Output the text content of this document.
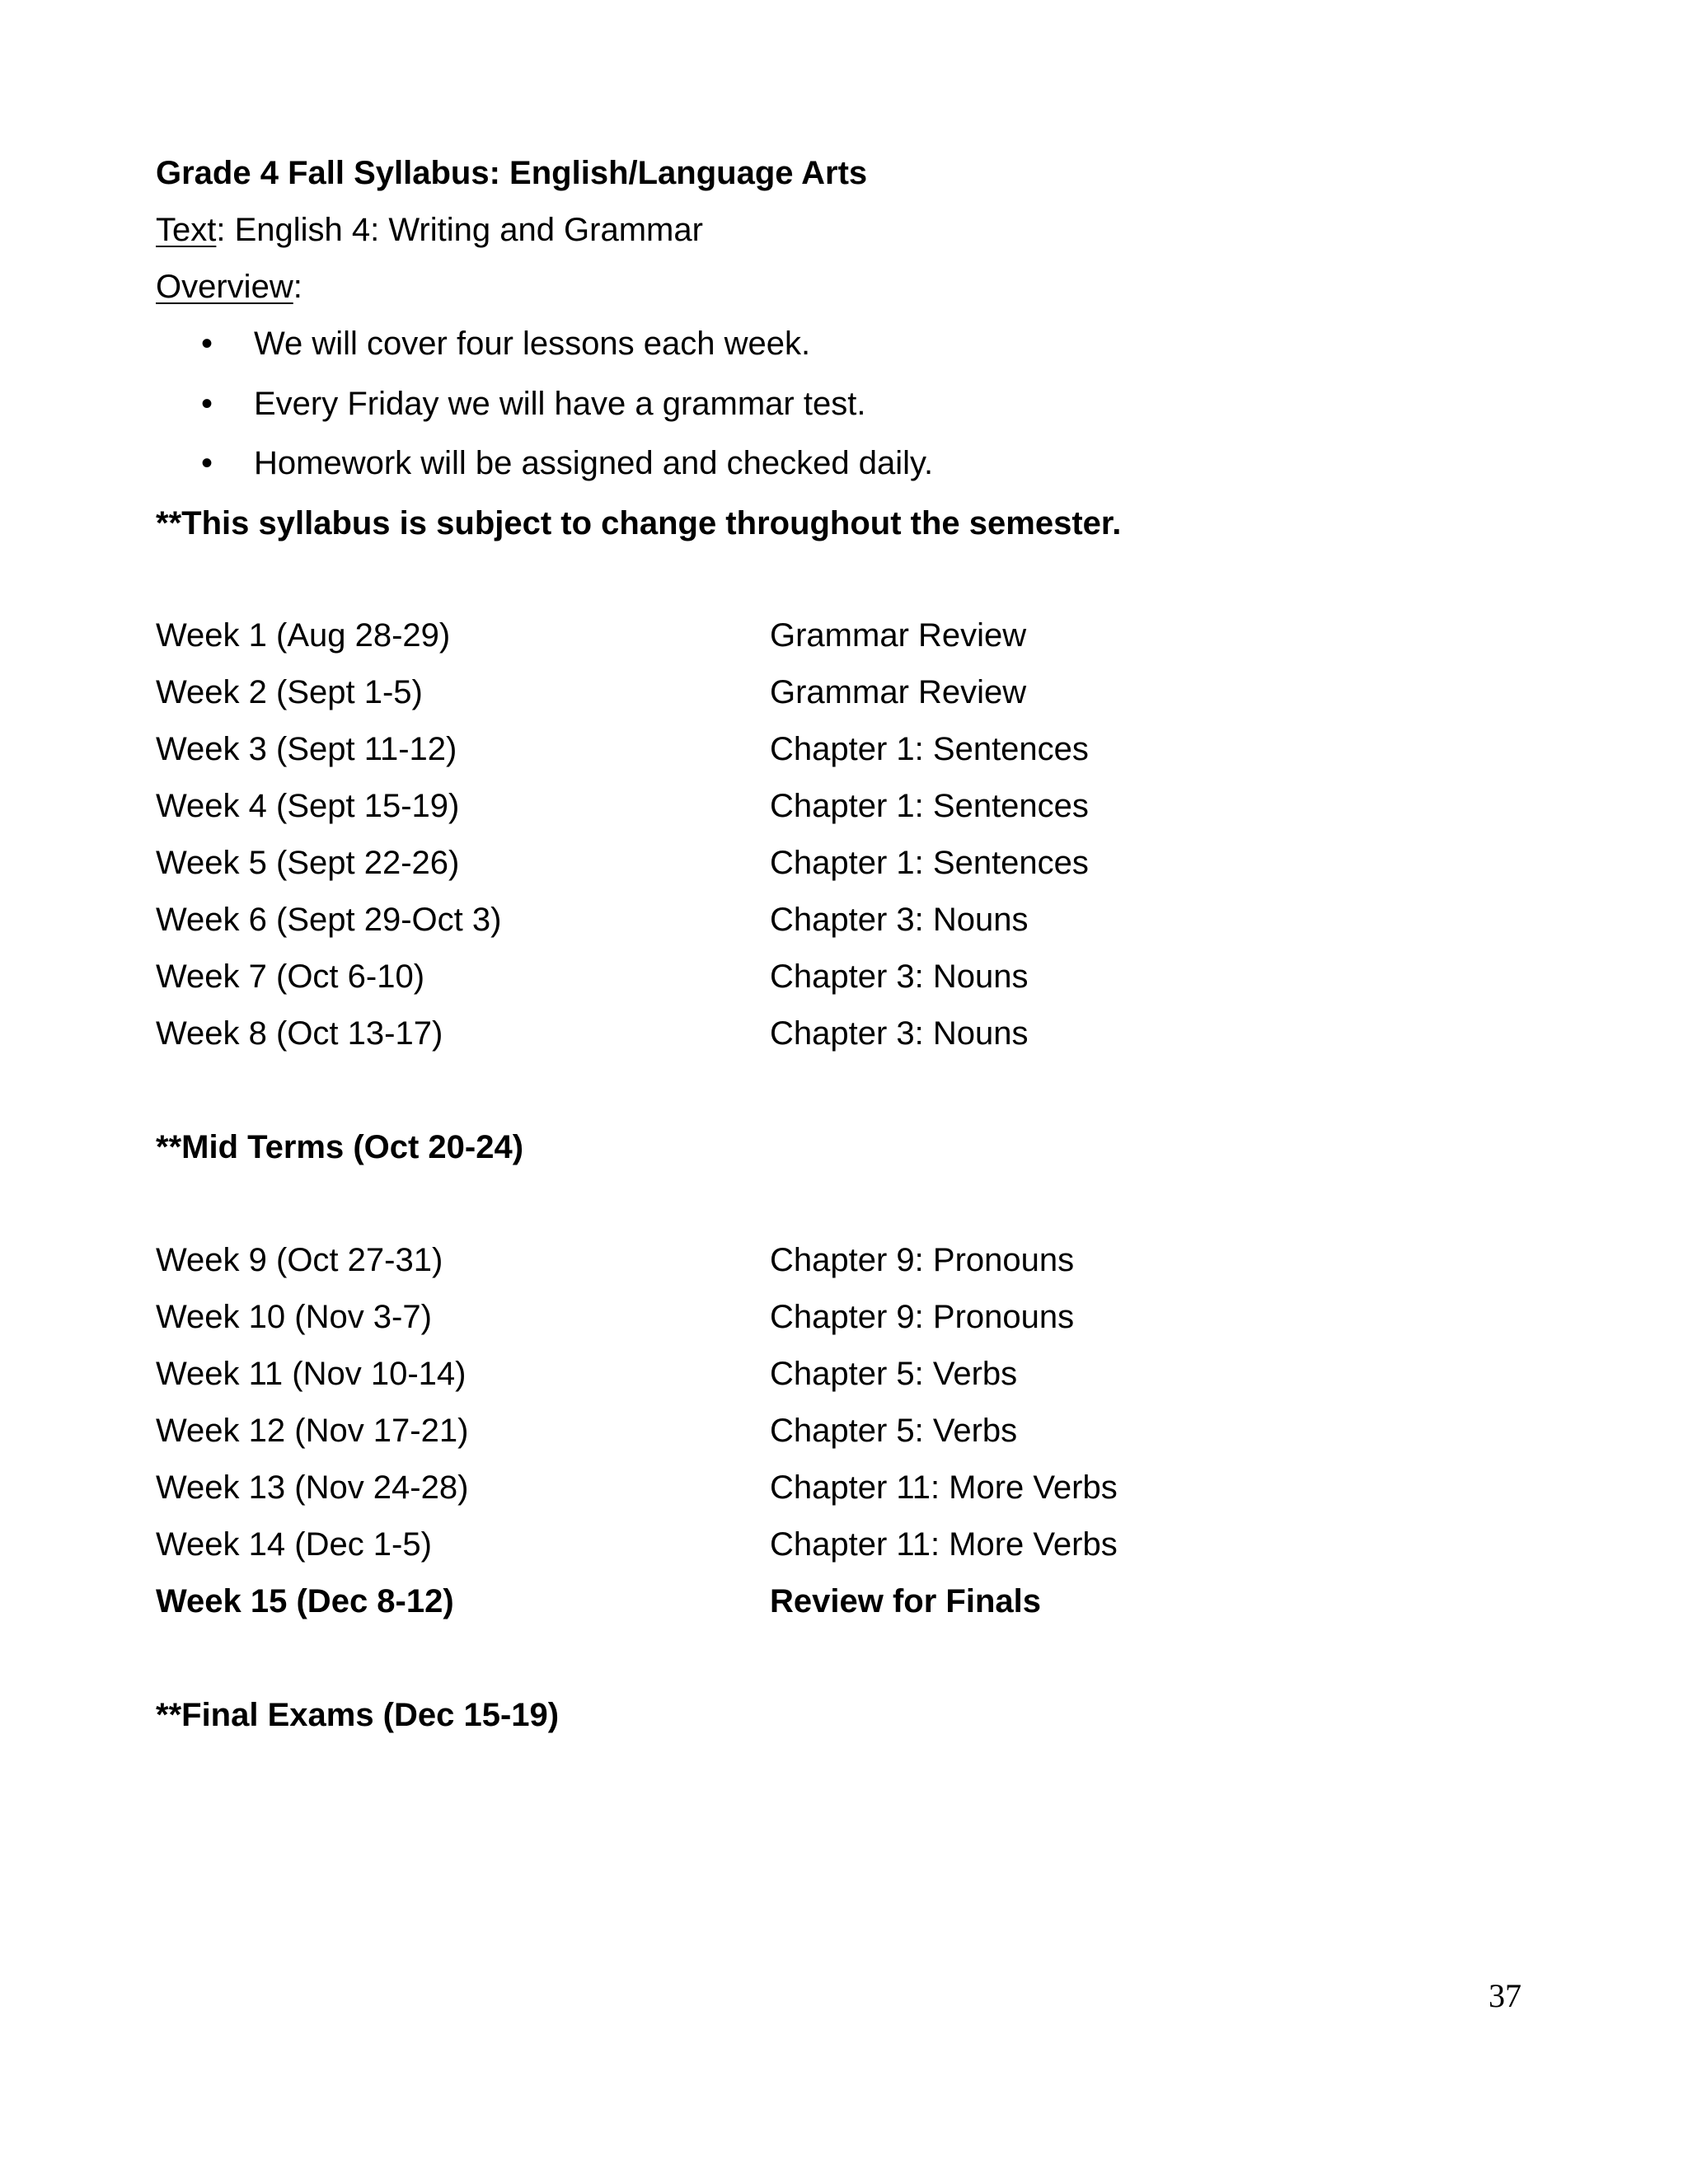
Grade 4 Fall Syllabus: English/Language Arts
Text: English 4: Writing and Grammar
Overview:
• We will cover four lessons each week.
• Every Friday we will have a grammar test.
• Homework will be assigned and checked daily.
**This syllabus is subject to change throughout the semester.
Week 1 (Aug 28-29)	Grammar Review
Week 2 (Sept 1-5)	Grammar Review
Week 3 (Sept 11-12)	Chapter 1: Sentences
Week 4 (Sept 15-19)	Chapter 1: Sentences
Week 5 (Sept 22-26)	Chapter 1: Sentences
Week 6 (Sept 29-Oct 3)	Chapter 3: Nouns
Week 7 (Oct 6-10)	Chapter 3: Nouns
Week 8 (Oct 13-17)	Chapter 3: Nouns
**Mid Terms (Oct 20-24)
Week 9 (Oct 27-31)	Chapter 9: Pronouns
Week 10 (Nov 3-7)	Chapter 9: Pronouns
Week 11 (Nov 10-14)	Chapter 5: Verbs
Week 12 (Nov 17-21)	Chapter 5: Verbs
Week 13 (Nov 24-28)	Chapter 11: More Verbs
Week 14 (Dec 1-5)	Chapter 11: More Verbs
Week 15 (Dec 8-12)	Review for Finals
**Final Exams (Dec 15-19)
37
